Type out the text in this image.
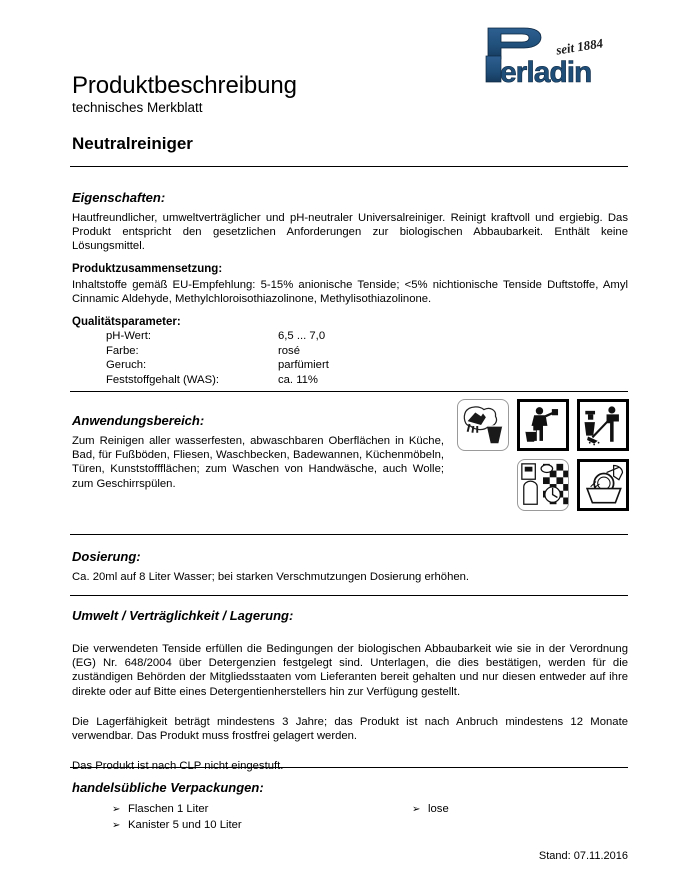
seit 1884
erladin
Produktbeschreibung
technisches Merkblatt
Neutralreiniger
Eigenschaften:
Hautfreundlicher, umweltverträglicher und pH-neutraler Universalreiniger. Reinigt kraftvoll und ergiebig. Das Produkt entspricht den gesetzlichen Anforderungen zur biologischen Abbaubarkeit. Enthält keine Lösungsmittel.
Produktzusammensetzung:
Inhaltstoffe gemäß EU-Empfehlung: 5-15% anionische Tenside; <5% nichtionische Tenside Duftstoffe, Amyl Cinnamic Aldehyde, Methylchloroisothiazolinone, Methylisothiazolinone.
Qualitätsparameter:
pH-Wert:	6,5 ... 7,0
Farbe:	rosé
Geruch:	parfümiert
Feststoffgehalt (WAS):	ca. 11%
Anwendungsbereich:
Zum Reinigen aller wasserfesten, abwaschbaren Oberflächen in Küche, Bad, für Fußböden, Fliesen, Waschbecken, Badewannen, Küchenmöbeln, Türen, Kunststoffflächen; zum Waschen von Handwäsche, auch Wolle; zum Geschirrspülen.
Dosierung:
Ca. 20ml auf 8 Liter Wasser; bei starken Verschmutzungen Dosierung erhöhen.
Umwelt / Verträglichkeit / Lagerung:
Die verwendeten Tenside erfüllen die Bedingungen der biologischen Abbaubarkeit wie sie in der Verordnung (EG) Nr. 648/2004 über Detergenzien festgelegt sind. Unterlagen, die dies bestätigen, werden für die zuständigen Behörden der Mitgliedsstaaten vom Lieferanten bereit gehalten und nur diesen entweder auf ihre direkte oder auf Bitte eines Detergentienherstellers hin zur Verfügung gestellt.
Die Lagerfähigkeit beträgt mindestens 3 Jahre; das Produkt ist nach Anbruch mindestens 12 Monate verwendbar. Das Produkt muss frostfrei gelagert werden.
Das Produkt ist nach CLP nicht eingestuft.
handelsübliche Verpackungen:
➢ Flaschen 1 Liter	➢ lose
➢ Kanister 5 und 10 Liter
Stand: 07.11.2016
